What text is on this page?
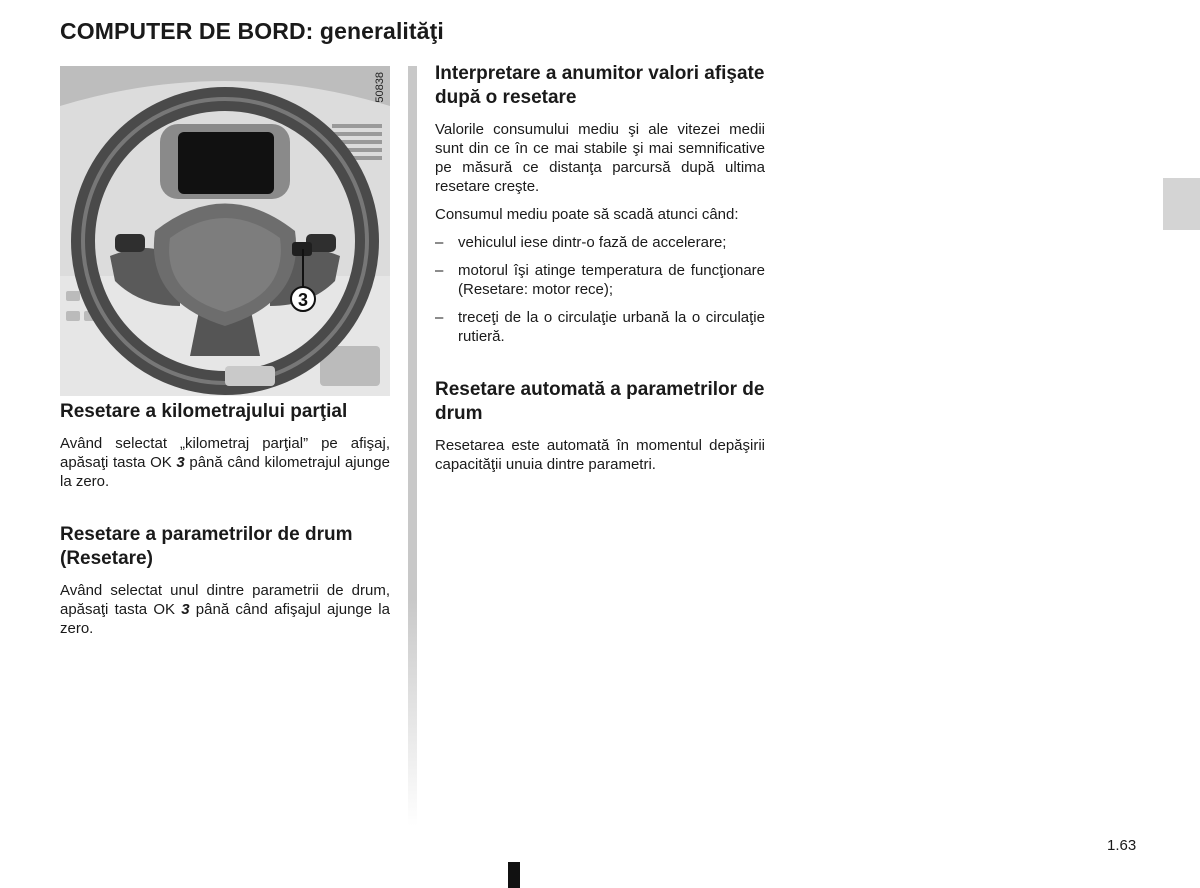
COMPUTER DE BORD: generalităţi
3
50838
Resetare a kilometrajului parţial

Având selectat „kilometraj parţial” pe afişaj, apăsaţi tasta OK 3 până când kilometrajul ajunge la zero.

Resetare a parametrilor de drum (Resetare)

Având selectat unul dintre parametrii de drum, apăsaţi tasta OK 3 până când afişajul ajunge la zero.

Interpretare a anumitor valori afişate după o resetare

Valorile consumului mediu şi ale vitezei medii sunt din ce în ce mai stabile şi mai semnificative pe măsură ce distanţa parcursă după ultima resetare creşte.

Consumul mediu poate să scadă atunci când:

– vehiculul iese dintr-o fază de accelerare;
– motorul îşi atinge temperatura de funcţionare (Resetare: motor rece);
– treceţi de la o circulaţie urbană la o circulaţie rutieră.
Resetare automată a parametrilor de drum

Resetarea este automată în momentul depăşirii capacităţii unuia dintre parametri.

1.63
